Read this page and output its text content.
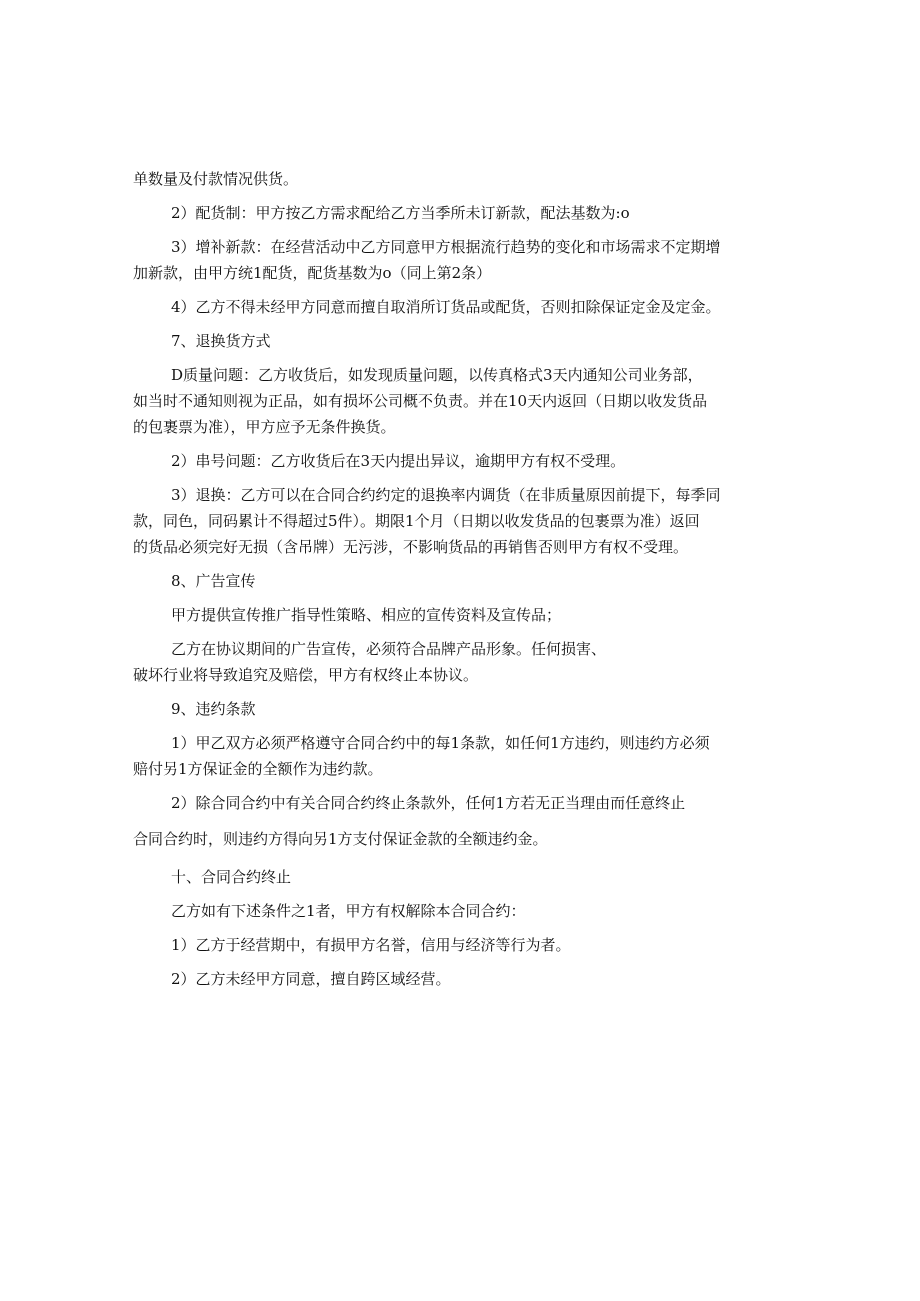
单数量及付款情况供货。
2）配货制：甲方按乙方需求配给乙方当季所未订新款，配法基数为:o
3）增补新款：在经营活动中乙方同意甲方根据流行趋势的变化和市场需求不定期增
加新款，由甲方统1配货，配货基数为o（同上第2条）
4）乙方不得未经甲方同意而擅自取消所订货品或配货，否则扣除保证定金及定金。
7、退换货方式
D质量问题：乙方收货后，如发现质量问题，以传真格式3天内通知公司业务部，
如当时不通知则视为正品，如有损坏公司概不负责。并在10天内返回（日期以收发货品
的包裹票为准），甲方应予无条件换货。
2）串号问题：乙方收货后在3天内提出异议，逾期甲方有权不受理。
3）退换：乙方可以在合同合约约定的退换率内调货（在非质量原因前提下，每季同
款，同色，同码累计不得超过5件）。期限1个月（日期以收发货品的包裹票为准）返回
的货品必须完好无损（含吊牌）无污涉，不影响货品的再销售否则甲方有权不受理。
8、广告宣传
甲方提供宣传推广指导性策略、相应的宣传资料及宣传品；
乙方在协议期间的广告宣传，必须符合品牌产品形象。任何损害、
破坏行业将导致追究及赔偿，甲方有权终止本协议。
9、违约条款
1）甲乙双方必须严格遵守合同合约中的每1条款，如任何1方违约，则违约方必须
赔付另1方保证金的全额作为违约款。
2）除合同合约中有关合同合约终止条款外，任何1方若无正当理由而任意终止
合同合约时，则违约方得向另1方支付保证金款的全额违约金。
十、合同合约终止
乙方如有下述条件之1者，甲方有权解除本合同合约：
1）乙方于经营期中，有损甲方名誉，信用与经济等行为者。
2）乙方未经甲方同意，擅自跨区域经营。
